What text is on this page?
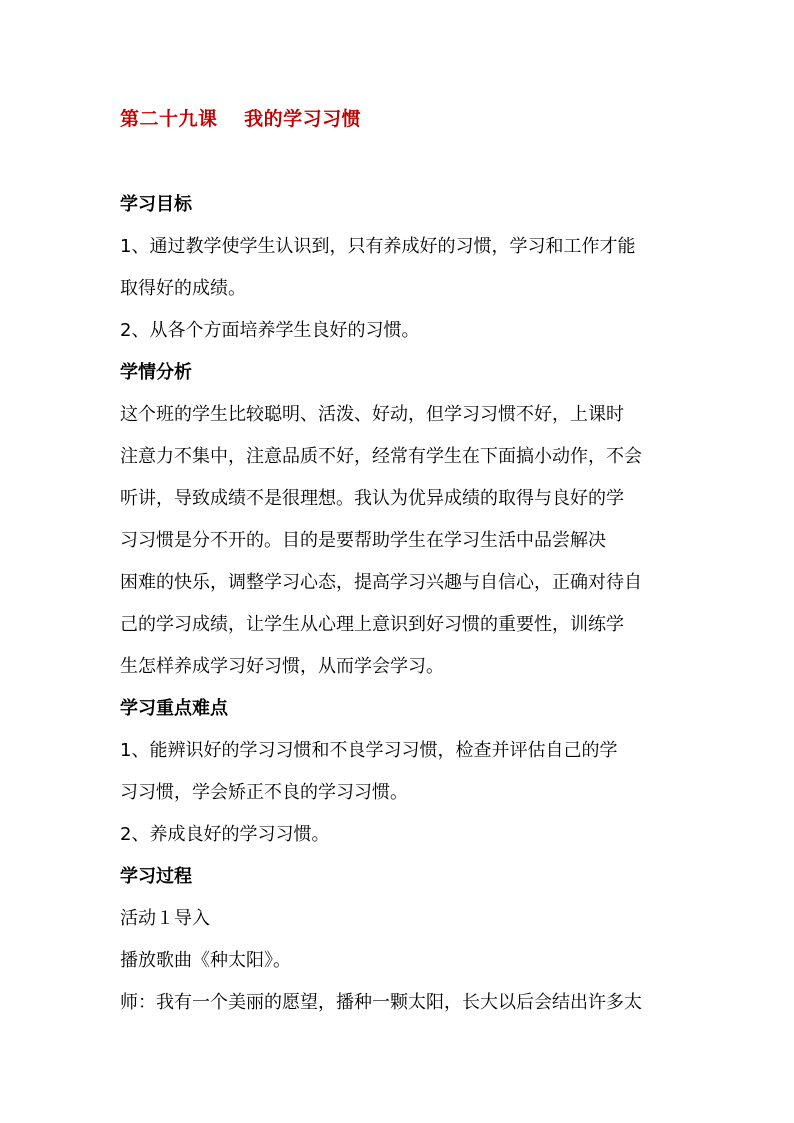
第二十九课　 我的学习习惯
学习目标
1、通过教学使学生认识到，只有养成好的习惯，学习和工作才能
取得好的成绩。
2、从各个方面培养学生良好的习惯。
学情分析
这个班的学生比较聪明、活泼、好动，但学习习惯不好，上课时
注意力不集中，注意品质不好，经常有学生在下面搞小动作，不会
听讲，导致成绩不是很理想。我认为优异成绩的取得与良好的学
习习惯是分不开的。目的是要帮助学生在学习生活中品尝解决
困难的快乐，调整学习心态，提高学习兴趣与自信心，正确对待自
己的学习成绩，让学生从心理上意识到好习惯的重要性，训练学
生怎样养成学习好习惯，从而学会学习。
学习重点难点
1、能辨识好的学习习惯和不良学习习惯，检查并评估自己的学
习习惯，学会矫正不良的学习习惯。
2、养成良好的学习习惯。
学习过程
活动１导入
播放歌曲《种太阳》。
师：我有一个美丽的愿望，播种一颗太阳，长大以后会结出许多太
